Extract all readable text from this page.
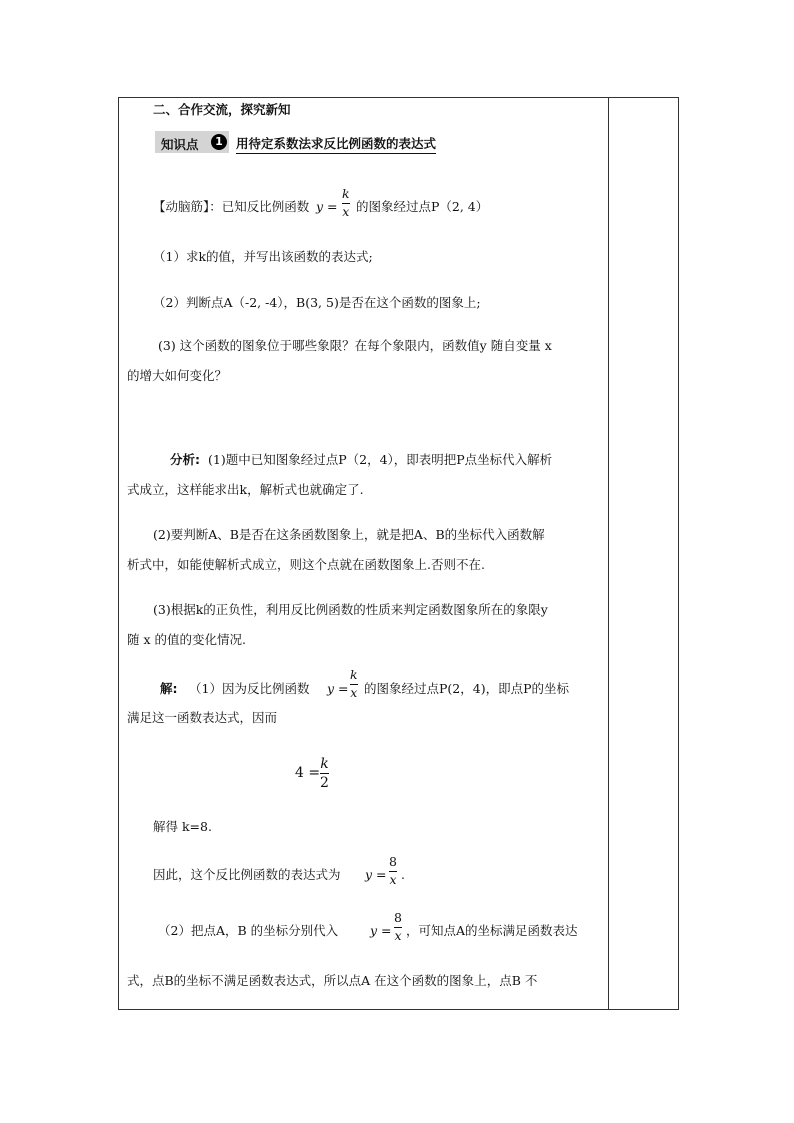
二、合作交流，探究新知
知识点	1	用待定系数法求反比例函数的表达式
【动脑筋】：已知反比例函数 y =
k
x 的图象经过点P（2, 4）
（1）求k的值，并写出该函数的表达式;
（2）判断点A（-2, -4），B(3, 5)是否在这个函数的图象上;
(3) 这个函数的图象位于哪些象限？在每个象限内，函数值y 随自变量 x
的增大如何变化？
分析: (1)题中已知图象经过点P（2，4），即表明把P点坐标代入解析
式成立，这样能求出k，解析式也就确定了.
(2)要判断A、B是否在这条函数图象上，就是把A、B的坐标代入函数解
析式中，如能使解析式成立，则这个点就在函数图象上.否则不在.
(3)根据k的正负性，利用反比例函数的性质来判定函数图象所在的象限y
随 x 的值的变化情况.
解: （1）因为反比例函数 y =
k
x 的图象经过点P(2，4)，即点P的坐标
满足这一函数表达式，因而
4 =
k
2
解得 k=8.
因此，这个反比例函数的表达式为 y =
8
x .
（2）把点A，B 的坐标分别代入	y =
8
x ，可知点A的坐标满足函数表达
式，点B的坐标不满足函数表达式，所以点A 在这个函数的图象上，点B 不
